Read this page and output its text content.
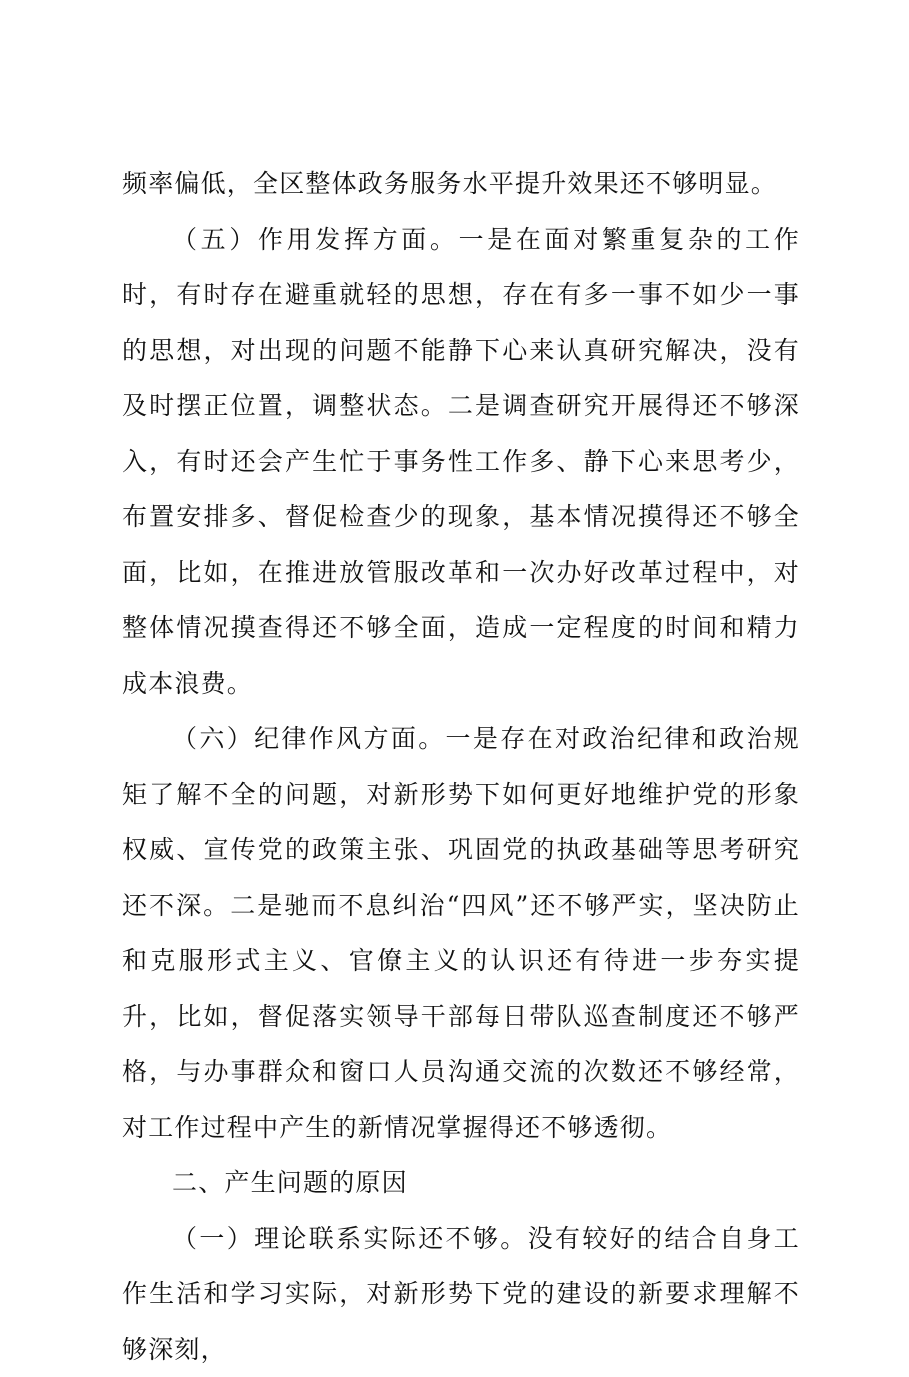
频率偏低，全区整体政务服务水平提升效果还不够明显。

（五）作用发挥方面。一是在面对繁重复杂的工作时，有时存在避重就轻的思想，存在有多一事不如少一事的思想，对出现的问题不能静下心来认真研究解决，没有及时摆正位置，调整状态。二是调查研究开展得还不够深入，有时还会产生忙于事务性工作多、静下心来思考少，布置安排多、督促检查少的现象，基本情况摸得还不够全面，比如，在推进放管服改革和一次办好改革过程中，对整体情况摸查得还不够全面，造成一定程度的时间和精力成本浪费。

（六）纪律作风方面。一是存在对政治纪律和政治规矩了解不全的问题，对新形势下如何更好地维护党的形象权威、宣传党的政策主张、巩固党的执政基础等思考研究还不深。二是驰而不息纠治“四风”还不够严实，坚决防止和克服形式主义、官僚主义的认识还有待进一步夯实提升，比如，督促落实领导干部每日带队巡查制度还不够严格，与办事群众和窗口人员沟通交流的次数还不够经常，对工作过程中产生的新情况掌握得还不够透彻。

二、产生问题的原因

（一）理论联系实际还不够。没有较好的结合自身工作生活和学习实际，对新形势下党的建设的新要求理解不够深刻，
